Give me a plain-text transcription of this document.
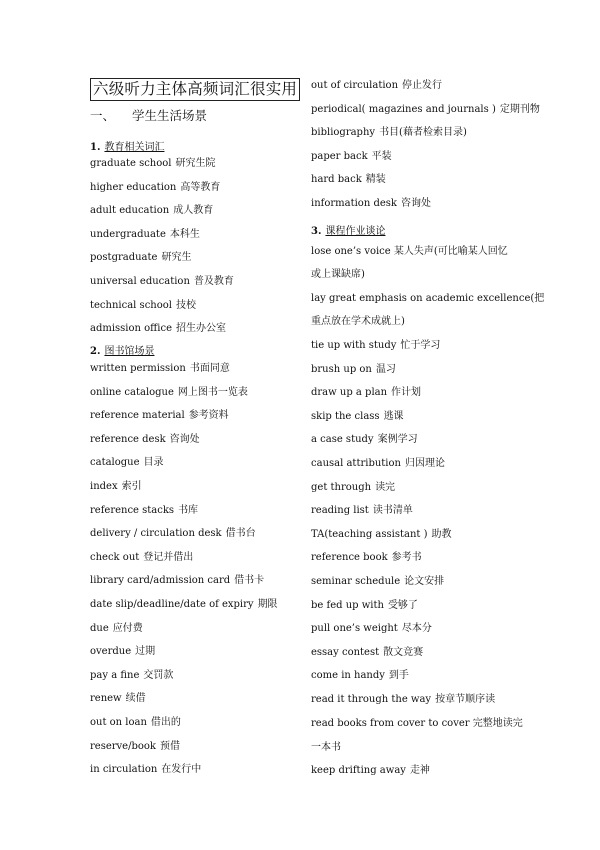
六级听力主体高频词汇很实用
一、 学生生活场景
1. 教育相关词汇
graduate school 研究生院
higher education 高等教育
adult education 成人教育
undergraduate 本科生
postgraduate 研究生
universal education 普及教育
technical school 技校
admission office 招生办公室
2. 图书馆场景
written permission 书面同意
online catalogue 网上图书一览表
reference material 参考资料
reference desk 咨询处
catalogue 目录
index 索引
reference stacks 书库
delivery / circulation desk 借书台
check out 登记并借出
library card/admission card 借书卡
date slip/deadline/date of expiry 期限
due 应付费
overdue 过期
pay a fine 交罚款
renew 续借
out on loan 借出的
reserve/book 预借
in circulation 在发行中
out of circulation 停止发行
periodical( magazines and journals ) 定期刊物
bibliography 书目(藉者检索目录)
paper back 平装
hard back 精装
information desk 咨询处
3. 课程作业谈论
lose one’s voice 某人失声(可比喻某人回忆
或上课缺席)
lay great emphasis on academic excellence(把
重点放在学术成就上)
tie up with study 忙于学习
brush up on 温习
draw up a plan 作计划
skip the class 逃课
a case study 案例学习
causal attribution 归因理论
get through 读完
reading list 读书清单
TA(teaching assistant ) 助教
reference book 参考书
seminar schedule 论文安排
be fed up with 受够了
pull one’s weight 尽本分
essay contest 散文竞赛
come in handy 到手
read it through the way 按章节顺序读
read books from cover to cover 完整地读完
一本书
keep drifting away 走神
